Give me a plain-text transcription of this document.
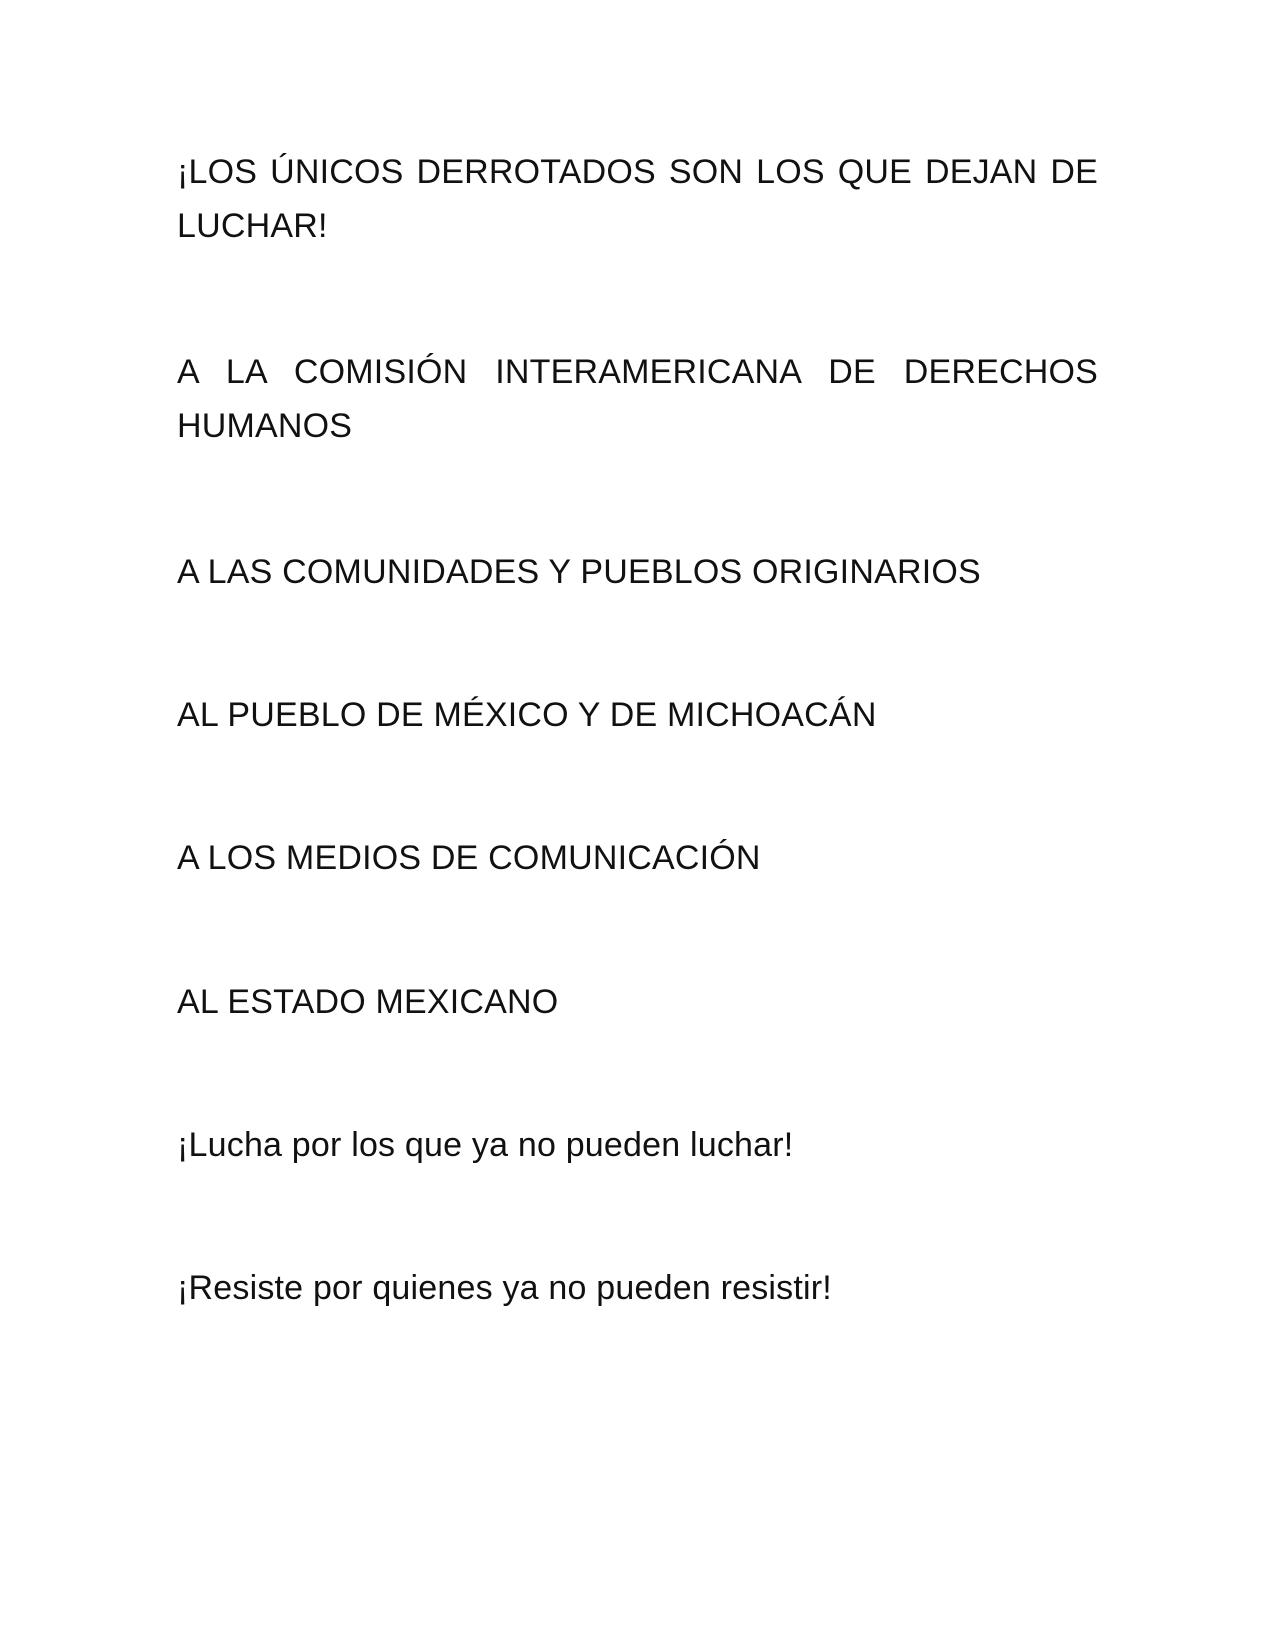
¡LOS ÚNICOS DERROTADOS SON LOS QUE DEJAN DE
LUCHAR!

A LA COMISIÓN INTERAMERICANA DE DERECHOS
HUMANOS

A LAS COMUNIDADES Y PUEBLOS ORIGINARIOS

AL PUEBLO DE MÉXICO Y DE MICHOACÁN

A LOS MEDIOS DE COMUNICACIÓN

AL ESTADO MEXICANO

¡Lucha por los que ya no pueden luchar!

¡Resiste por quienes ya no pueden resistir!
